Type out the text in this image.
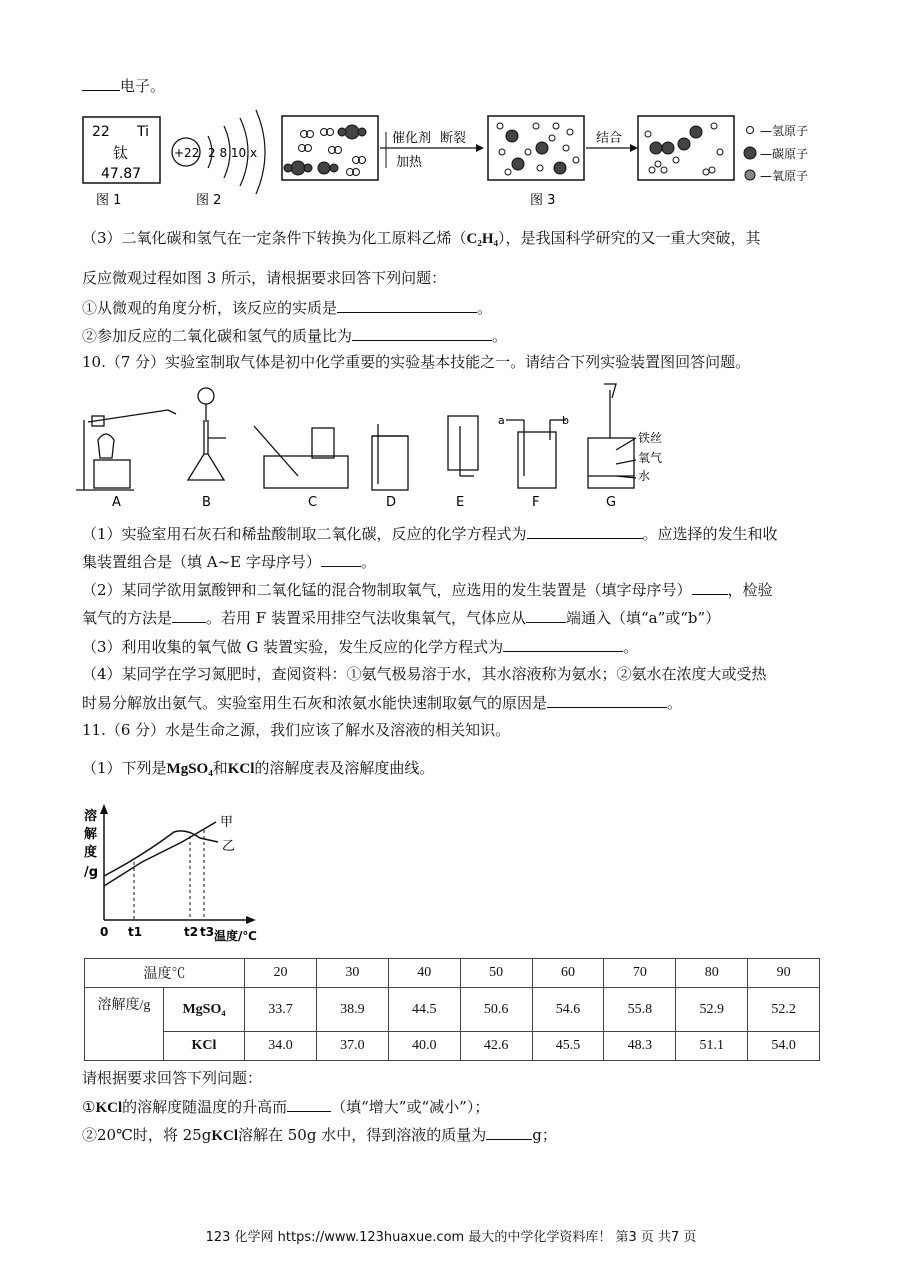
电子。
22 Ti
钛
47.87
图 1
+22 2 8 10 x
图 2
催化剂
加热
断裂	结合
图 3
—氢原子
—碳原子
—氧原子
（3）二氧化碳和氢气在一定条件下转换为化工原料乙烯（C₂H₄），是我国科学研究的又一重大突破，其
反应微观过程如图 3 所示，请根据要求回答下列问题：
①从微观的角度分析，该反应的实质是	。
②参加反应的二氧化碳和氢气的质量比为	。
10.（7 分）实验室制取气体是初中化学重要的实验基本技能之一。请结合下列实验装置图回答问题。
A	B	C	D	E	F	G
a	b
铁丝
氧气
水
（1）实验室用石灰石和稀盐酸制取二氧化碳，反应的化学方程式为	。应选择的发生和收
集装置组合是（填 A~E 字母序号）	。
（2）某同学欲用氯酸钾和二氧化锰的混合物制取氧气，应选用的发生装置是（填字母序号） ，检验
氧气的方法是 。若用 F 装置采用排空气法收集氧气，气体应从	端通入（填“a”或“b”）
（3）利用收集的氧气做 G 装置实验，发生反应的化学方程式为	。
（4）某同学在学习氮肥时，查阅资料：①氨气极易溶于水，其水溶液称为氨水；②氨水在浓度大或受热
时易分解放出氨气。实验室用生石灰和浓氨水能快速制取氨气的原因是	。
11.（6 分）水是生命之源，我们应该了解水及溶液的相关知识。
（1）下列是MgSO₄和KCl的溶解度表及溶解度曲线。
溶
解
度
/g
甲
乙
0 t1	t2 t3 温度/℃
温度℃		20	30	40	50	60	70	80	90
溶解度/g	MgSO₄	33.7	38.9	44.5	50.6	54.6	55.8	52.9	52.2
	KCl	34.0	37.0	40.0	42.6	45.5	48.3	51.1	54.0
请根据要求回答下列问题：
①KCl的溶解度随温度的升高而	（填“增大”或“减小”）；
②20℃时，将 25gKCl溶解在 50g 水中，得到溶液的质量为	g；
123 化学网 https://www.123huaxue.com 最大的中学化学资料库！ 第3 页 共7 页
